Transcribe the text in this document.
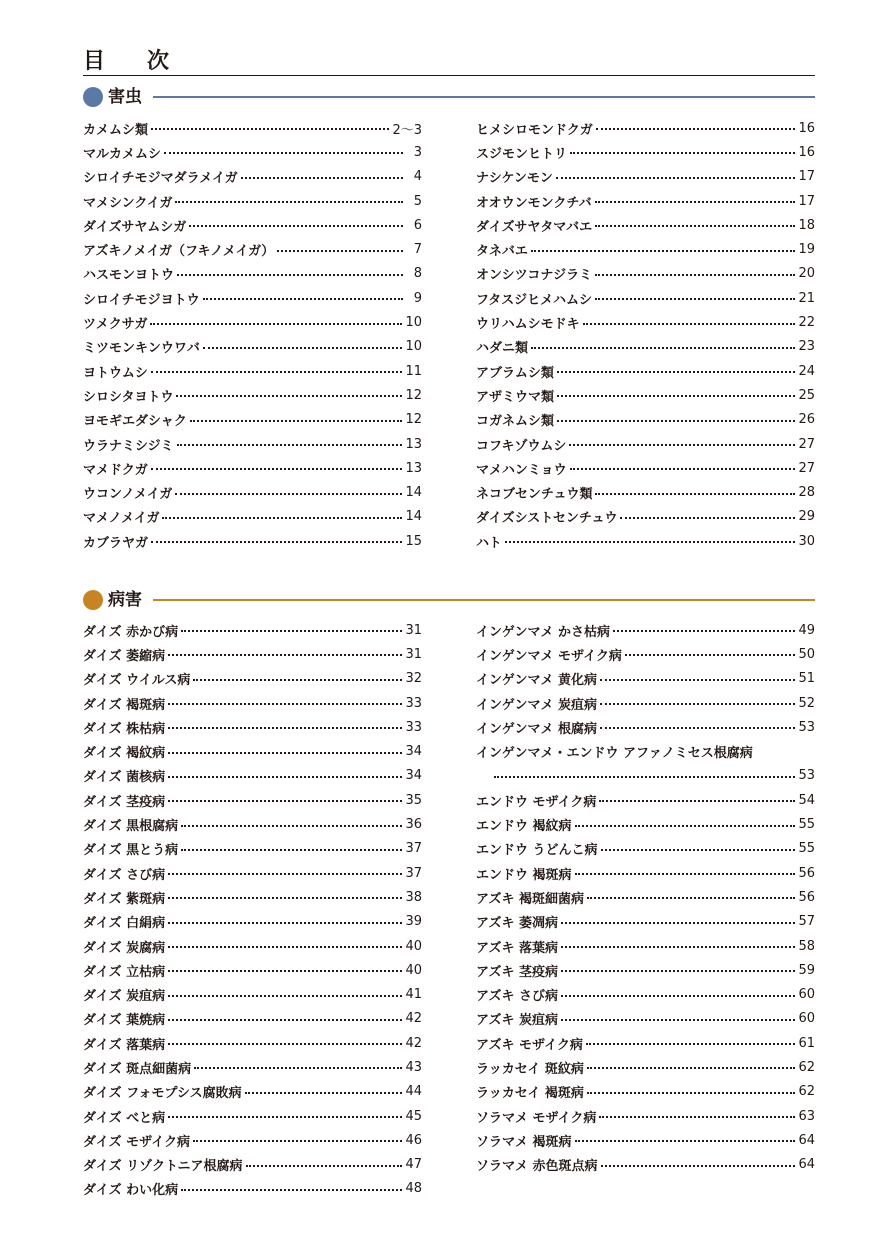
目　次
害虫
カメムシ類	2〜3
マルカメムシ	3
シロイチモジマダラメイガ	4
マメシンクイガ	5
ダイズサヤムシガ	6
アズキノメイガ（フキノメイガ）	7
ハスモンヨトウ	8
シロイチモジヨトウ	9
ツメクサガ	10
ミツモンキンウワバ	10
ヨトウムシ	11
シロシタヨトウ	12
ヨモギエダシャク	12
ウラナミシジミ	13
マメドクガ	13
ウコンノメイガ	14
マメノメイガ	14
カブラヤガ	15
ヒメシロモンドクガ	16
スジモンヒトリ	16
ナシケンモン	17
オオウンモンクチバ	17
ダイズサヤタマバエ	18
タネバエ	19
オンシツコナジラミ	20
フタスジヒメハムシ	21
ウリハムシモドキ	22
ハダニ類	23
アブラムシ類	24
アザミウマ類	25
コガネムシ類	26
コフキゾウムシ	27
マメハンミョウ	27
ネコブセンチュウ類	28
ダイズシストセンチュウ	29
ハト	30
病害
ダイズ 赤かび病	31
ダイズ 萎縮病	31
ダイズ ウイルス病	32
ダイズ 褐斑病	33
ダイズ 株枯病	33
ダイズ 褐紋病	34
ダイズ 菌核病	34
ダイズ 茎疫病	35
ダイズ 黒根腐病	36
ダイズ 黒とう病	37
ダイズ さび病	37
ダイズ 紫斑病	38
ダイズ 白絹病	39
ダイズ 炭腐病	40
ダイズ 立枯病	40
ダイズ 炭疽病	41
ダイズ 葉焼病	42
ダイズ 落葉病	42
ダイズ 斑点細菌病	43
ダイズ フォモプシス腐敗病	44
ダイズ べと病	45
ダイズ モザイク病	46
ダイズ リゾクトニア根腐病	47
ダイズ わい化病	48
インゲンマメ かさ枯病	49
インゲンマメ モザイク病	50
インゲンマメ 黄化病	51
インゲンマメ 炭疽病	52
インゲンマメ 根腐病	53
インゲンマメ・エンドウ アファノミセス根腐病
53
エンドウ モザイク病	54
エンドウ 褐紋病	55
エンドウ うどんこ病	55
エンドウ 褐斑病	56
アズキ 褐斑細菌病	56
アズキ 萎凋病	57
アズキ 落葉病	58
アズキ 茎疫病	59
アズキ さび病	60
アズキ 炭疽病	60
アズキ モザイク病	61
ラッカセイ 斑紋病	62
ラッカセイ 褐斑病	62
ソラマメ モザイク病	63
ソラマメ 褐斑病	64
ソラマメ 赤色斑点病	64
